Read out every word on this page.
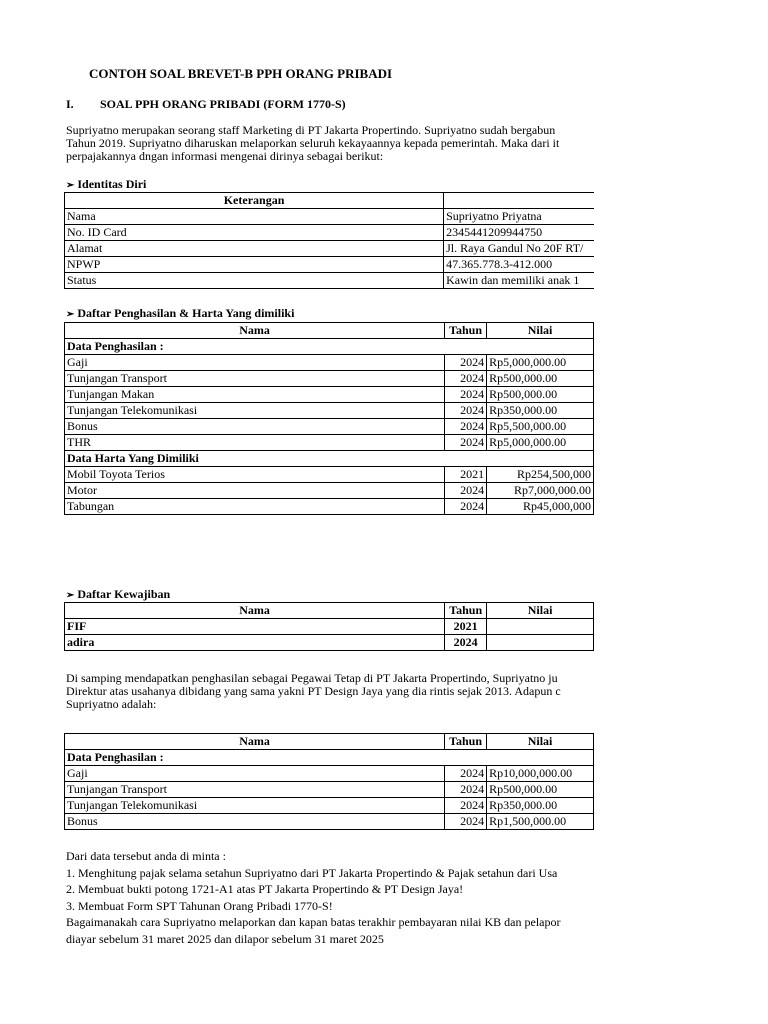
CONTOH SOAL BREVET-B PPH ORANG PRIBADI
I. SOAL PPH ORANG PRIBADI (FORM 1770-S)
Supriyatno merupakan seorang staff Marketing di PT Jakarta Propertindo. Supriyatno sudah bergabun
Tahun 2019. Supriyatno diharuskan melaporkan seluruh kekayaannya kepada pemerintah. Maka dari it
perpajakannya dngan informasi mengenai dirinya sebagai berikut:
➢ Identitas Diri
Keterangan	
Nama	Supriyatno Priyatna
No. ID Card	2345441209944750
Alamat	Jl. Raya Gandul No 20F RT/
NPWP	47.365.778.3-412.000
Status	Kawin dan memiliki anak 1
➢ Daftar Penghasilan & Harta Yang dimiliki
Nama	Tahun	Nilai
Data Penghasilan :		
Gaji	2024	Rp5,000,000.00
Tunjangan Transport	2024	Rp500,000.00
Tunjangan Makan	2024	Rp500,000.00
Tunjangan Telekomunikasi	2024	Rp350,000.00
Bonus	2024	Rp5,500,000.00
THR	2024	Rp5,000,000.00
Data Harta Yang Dimiliki		
Mobil Toyota Terios	2021	Rp254,500,000
Motor	2024	Rp7,000,000.00
Tabungan	2024	Rp45,000,000
➢ Daftar Kewajiban
Nama	Tahun	Nilai
FIF	2021	
adira	2024	
Di samping mendapatkan penghasilan sebagai Pegawai Tetap di PT Jakarta Propertindo, Supriyatno ju
Direktur atas usahanya dibidang yang sama yakni PT Design Jaya yang dia rintis sejak 2013. Adapun c
Supriyatno adalah:
Nama	Tahun	Nilai
Data Penghasilan :		
Gaji	2024	Rp10,000,000.00
Tunjangan Transport	2024	Rp500,000.00
Tunjangan Telekomunikasi	2024	Rp350,000.00
Bonus	2024	Rp1,500,000.00
Dari data tersebut anda di minta :
1. Menghitung pajak selama setahun Supriyatno dari PT Jakarta Propertindo & Pajak setahun dari Usa
2. Membuat bukti potong 1721-A1 atas PT Jakarta Propertindo & PT Design Jaya!
3. Membuat Form SPT Tahunan Orang Pribadi 1770-S!
Bagaimanakah cara Supriyatno melaporkan dan kapan batas terakhir pembayaran nilai KB dan pelapor
diayar sebelum 31 maret 2025 dan dilapor sebelum 31 maret 2025
